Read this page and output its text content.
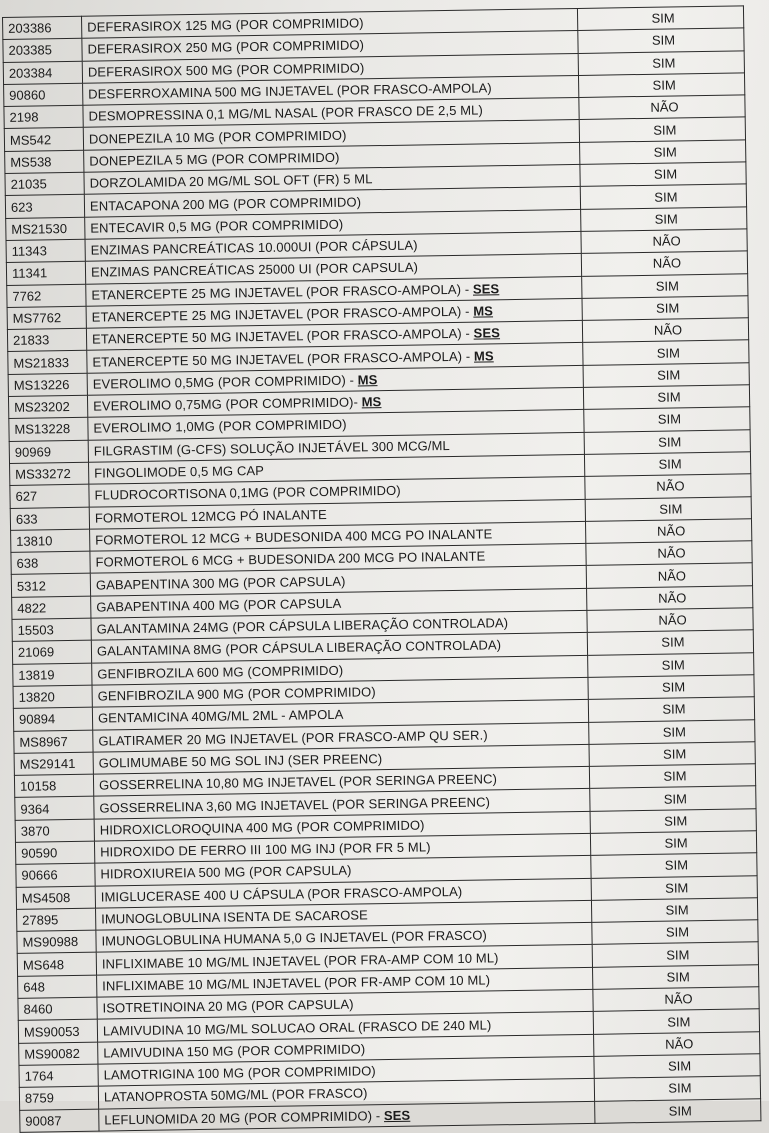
203386	DEFERASIROX 125 MG (POR COMPRIMIDO)	SIM
203385	DEFERASIROX 250 MG (POR COMPRIMIDO)	SIM
203384	DEFERASIROX 500 MG (POR COMPRIMIDO)	SIM
90860	DESFERROXAMINA 500 MG INJETAVEL (POR FRASCO-AMPOLA)	SIM
2198	DESMOPRESSINA 0,1 MG/ML NASAL (POR FRASCO DE 2,5 ML)	NÃO
MS542	DONEPEZILA 10 MG (POR COMPRIMIDO)	SIM
MS538	DONEPEZILA 5 MG (POR COMPRIMIDO)	SIM
21035	DORZOLAMIDA 20 MG/ML SOL OFT (FR) 5 ML	SIM
623	ENTACAPONA 200 MG (POR COMPRIMIDO)	SIM
MS21530	ENTECAVIR 0,5 MG (POR COMPRIMIDO)	SIM
11343	ENZIMAS PANCREÁTICAS 10.000UI (POR CÁPSULA)	NÃO
11341	ENZIMAS PANCREÁTICAS 25000 UI (POR CAPSULA)	NÃO
7762	ETANERCEPTE 25 MG INJETAVEL (POR FRASCO-AMPOLA) - SES	SIM
MS7762	ETANERCEPTE 25 MG INJETAVEL (POR FRASCO-AMPOLA) - MS	SIM
21833	ETANERCEPTE 50 MG INJETAVEL (POR FRASCO-AMPOLA) - SES	NÃO
MS21833	ETANERCEPTE 50 MG INJETAVEL (POR FRASCO-AMPOLA) - MS	SIM
MS13226	EVEROLIMO 0,5MG (POR COMPRIMIDO) - MS	SIM
MS23202	EVEROLIMO 0,75MG (POR COMPRIMIDO)- MS	SIM
MS13228	EVEROLIMO 1,0MG (POR COMPRIMIDO)	SIM
90969	FILGRASTIM (G-CFS) SOLUÇÃO INJETÁVEL 300 MCG/ML	SIM
MS33272	FINGOLIMODE 0,5 MG CAP	SIM
627	FLUDROCORTISONA 0,1MG (POR COMPRIMIDO)	NÃO
633	FORMOTEROL 12MCG PÓ INALANTE	SIM
13810	FORMOTEROL 12 MCG + BUDESONIDA 400 MCG PO INALANTE	NÃO
638	FORMOTEROL 6 MCG + BUDESONIDA 200 MCG PO INALANTE	NÃO
5312	GABAPENTINA 300 MG (POR CAPSULA)	NÃO
4822	GABAPENTINA 400 MG (POR CAPSULA	NÃO
15503	GALANTAMINA 24MG (POR CÁPSULA LIBERAÇÃO CONTROLADA)	NÃO
21069	GALANTAMINA 8MG (POR CÁPSULA LIBERAÇÃO CONTROLADA)	SIM
13819	GENFIBROZILA 600 MG (COMPRIMIDO)	SIM
13820	GENFIBROZILA 900 MG (POR COMPRIMIDO)	SIM
90894	GENTAMICINA 40MG/ML 2ML - AMPOLA	SIM
MS8967	GLATIRAMER 20 MG INJETAVEL (POR FRASCO-AMP QU SER.)	SIM
MS29141	GOLIMUMABE 50 MG SOL INJ (SER PREENC)	SIM
10158	GOSSERRELINA 10,80 MG INJETAVEL (POR SERINGA PREENC)	SIM
9364	GOSSERRELINA 3,60 MG INJETAVEL (POR SERINGA PREENC)	SIM
3870	HIDROXICLOROQUINA 400 MG (POR COMPRIMIDO)	SIM
90590	HIDROXIDO DE FERRO III 100 MG INJ (POR FR 5 ML)	SIM
90666	HIDROXIUREIA 500 MG (POR CAPSULA)	SIM
MS4508	IMIGLUCERASE 400 U CÁPSULA (POR FRASCO-AMPOLA)	SIM
27895	IMUNOGLOBULINA ISENTA DE SACAROSE	SIM
MS90988	IMUNOGLOBULINA HUMANA 5,0 G INJETAVEL (POR FRASCO)	SIM
MS648	INFLIXIMABE 10 MG/ML INJETAVEL (POR FRA-AMP COM 10 ML)	SIM
648	INFLIXIMABE 10 MG/ML INJETAVEL (POR FR-AMP COM 10 ML)	SIM
8460	ISOTRETINOINA 20 MG (POR CAPSULA)	NÃO
MS90053	LAMIVUDINA 10 MG/ML SOLUCAO ORAL (FRASCO DE 240 ML)	SIM
MS90082	LAMIVUDINA 150 MG (POR COMPRIMIDO)	NÃO
1764	LAMOTRIGINA 100 MG (POR COMPRIMIDO)	SIM
8759	LATANOPROSTA 50MG/ML (POR FRASCO)	SIM
90087	LEFLUNOMIDA 20 MG (POR COMPRIMIDO) - SES	SIM
